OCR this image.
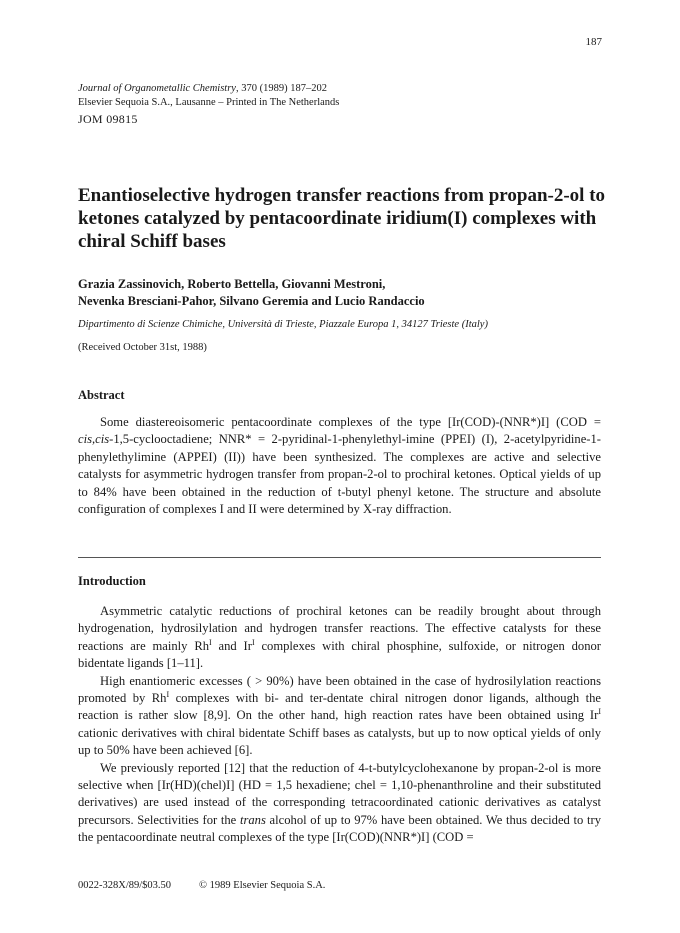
187
Journal of Organometallic Chemistry, 370 (1989) 187–202
Elsevier Sequoia S.A., Lausanne – Printed in The Netherlands
JOM 09815
Enantioselective hydrogen transfer reactions from propan-2-ol to ketones catalyzed by pentacoordinate iridium(I) complexes with chiral Schiff bases
Grazia Zassinovich, Roberto Bettella, Giovanni Mestroni,
Nevenka Bresciani-Pahor, Silvano Geremia and Lucio Randaccio
Dipartimento di Scienze Chimiche, Università di Trieste, Piazzale Europa 1, 34127 Trieste (Italy)
(Received October 31st, 1988)
Abstract

Some diastereoisomeric pentacoordinate complexes of the type [Ir(COD)-(NNR*)I] (COD = cis,cis-1,5-cyclooctadiene; NNR* = 2-pyridinal-1-phenylethyl-imine (PPEI) (I), 2-acetylpyridine-1-phenylethylimine (APPEI) (II)) have been synthesized. The complexes are active and selective catalysts for asymmetric hydrogen transfer from propan-2-ol to prochiral ketones. Optical yields of up to 84% have been obtained in the reduction of t-butyl phenyl ketone. The structure and absolute configuration of complexes I and II were determined by X-ray diffraction.

Introduction

Asymmetric catalytic reductions of prochiral ketones can be readily brought about through hydrogenation, hydrosilylation and hydrogen transfer reactions. The effective catalysts for these reactions are mainly $Rh^I$ and $Ir^I$ complexes with chiral phosphine, sulfoxide, or nitrogen donor bidentate ligands [1–11].

High enantiomeric excesses ( > 90%) have been obtained in the case of hydrosilylation reactions promoted by $Rh^I$ complexes with bi- and ter-dentate chiral nitrogen donor ligands, although the reaction is rather slow [8,9]. On the other hand, high reaction rates have been obtained using $Ir^I$ cationic derivatives with chiral bidentate Schiff bases as catalysts, but up to now optical yields of only up to 50% have been achieved [6].

We previously reported [12] that the reduction of 4-t-butylcyclohexanone by propan-2-ol is more selective when [Ir(HD)(chel)I] (HD = 1,5 hexadiene; chel = 1,10-phenanthroline and their substituted derivatives) are used instead of the corresponding tetracoordinated cationic derivatives as catalyst precursors. Selectivities for the trans alcohol of up to 97% have been obtained. We thus decided to try the pentacoordinate neutral complexes of the type [Ir(COD)(NNR*)I] (COD =

0022-328X/89/$03.50	© 1989 Elsevier Sequoia S.A.
